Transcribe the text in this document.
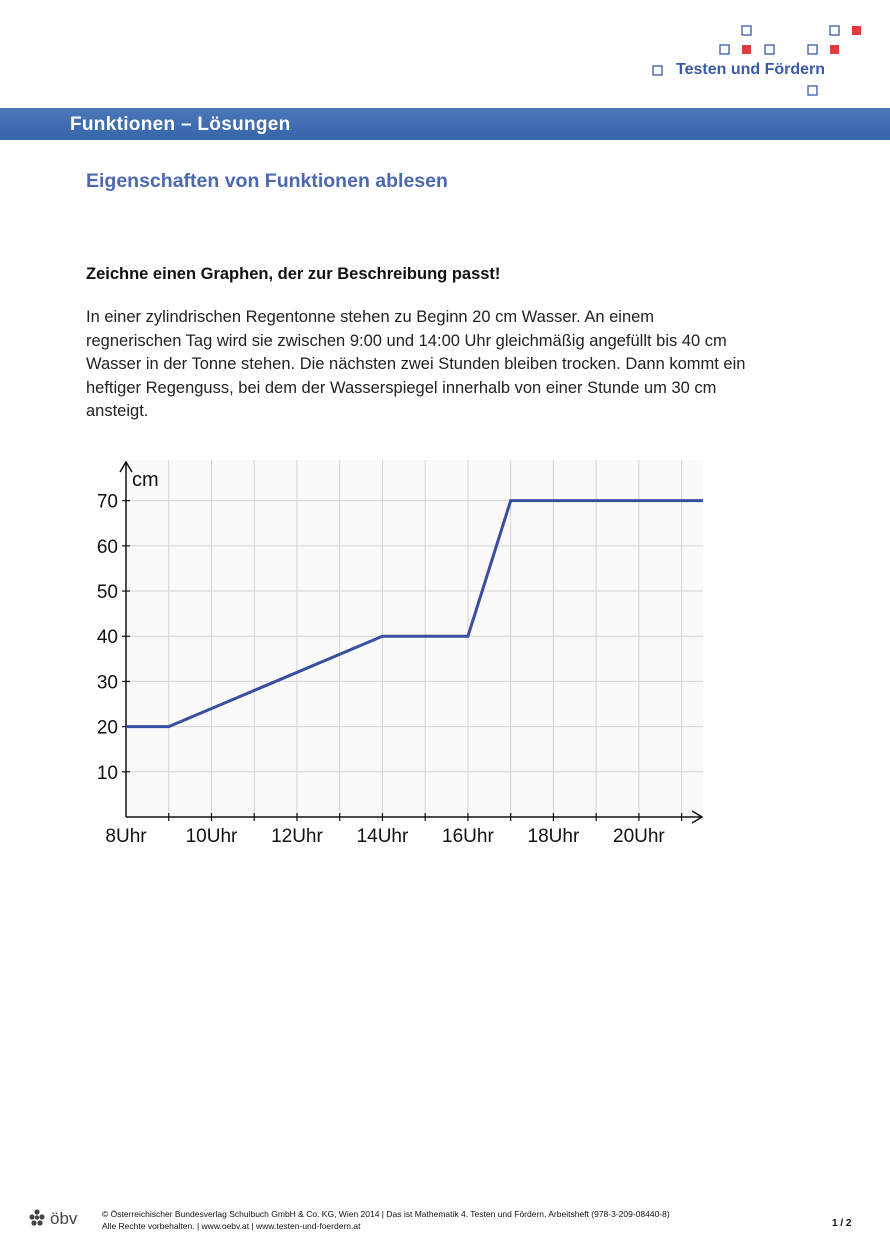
Testen und Fördern
Funktionen – Lösungen
Eigenschaften von Funktionen ablesen
Zeichne einen Graphen, der zur Beschreibung passt!
In einer zylindrischen Regentonne stehen zu Beginn 20 cm Wasser. An einem
regnerischen Tag wird sie zwischen 9:00 und 14:00 Uhr gleichmäßig angefüllt bis 40 cm
Wasser in der Tonne stehen. Die nächsten zwei Stunden bleiben trocken. Dann kommt ein
heftiger Regenguss, bei dem der Wasserspiegel innerhalb von einer Stunde um 30 cm
ansteigt.
10
20
30
40
50
60
70
8Uhr 10Uhr 12Uhr 14Uhr 16Uhr 18Uhr 20Uhr
cm
öbv	© Österreichischer Bundesverlag Schulbuch GmbH & Co. KG, Wien 2014 | Das ist Mathematik 4. Testen und Fördern, Arbeitsheft (978-3-209-08440-8)
Alle Rechte vorbehalten. | www.oebv.at | www.testen-und-foerdern.at	1 / 2
